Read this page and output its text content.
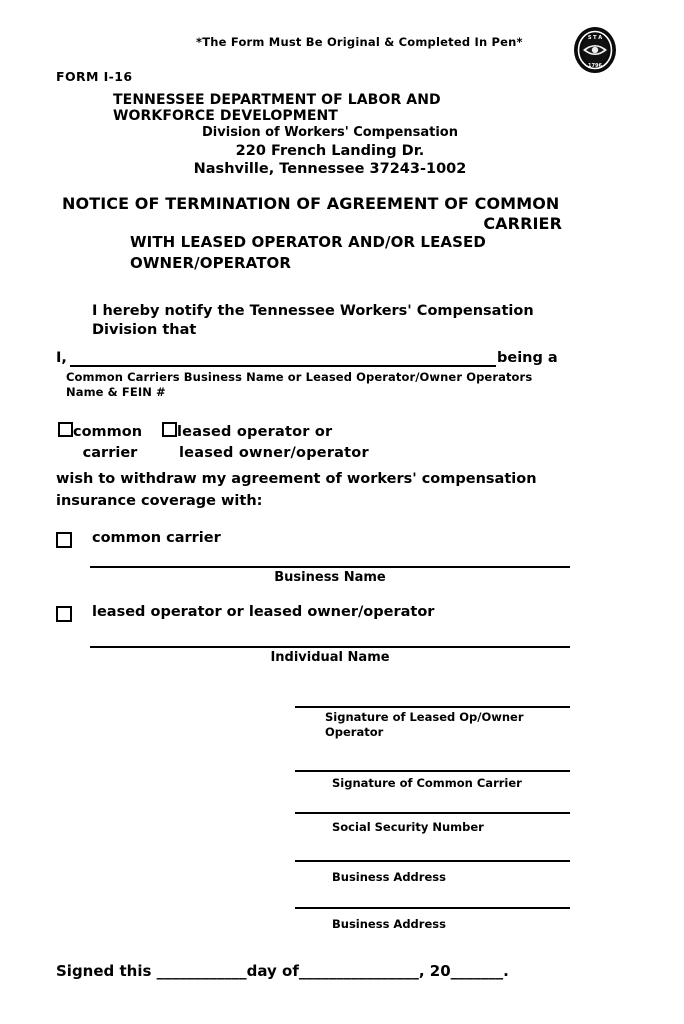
*The Form Must Be Original & Completed In Pen*	S T A
1796
FORM I-16
TENNESSEE DEPARTMENT OF LABOR AND WORKFORCE DEVELOPMENT
Division of Workers' Compensation
220 French Landing Dr.
Nashville, Tennessee 37243-1002
NOTICE OF TERMINATION OF AGREEMENT OF COMMON
CARRIER
WITH LEASED OPERATOR AND/OR LEASED
OWNER/OPERATOR
I hereby notify the Tennessee Workers' Compensation Division that
I,	being a
Common Carriers Business Name or Leased Operator/Owner Operators
Name & FEIN #
common
carrier
leased operator or
leased owner/operator
wish to withdraw my agreement of workers' compensation
insurance coverage with:
common carrier
Business Name
leased operator or leased owner/operator
Individual Name
Signature of Leased Op/Owner
Operator
Signature of Common Carrier
Social Security Number
Business Address
Business Address
Signed this ____________day of________________, 20_______.
